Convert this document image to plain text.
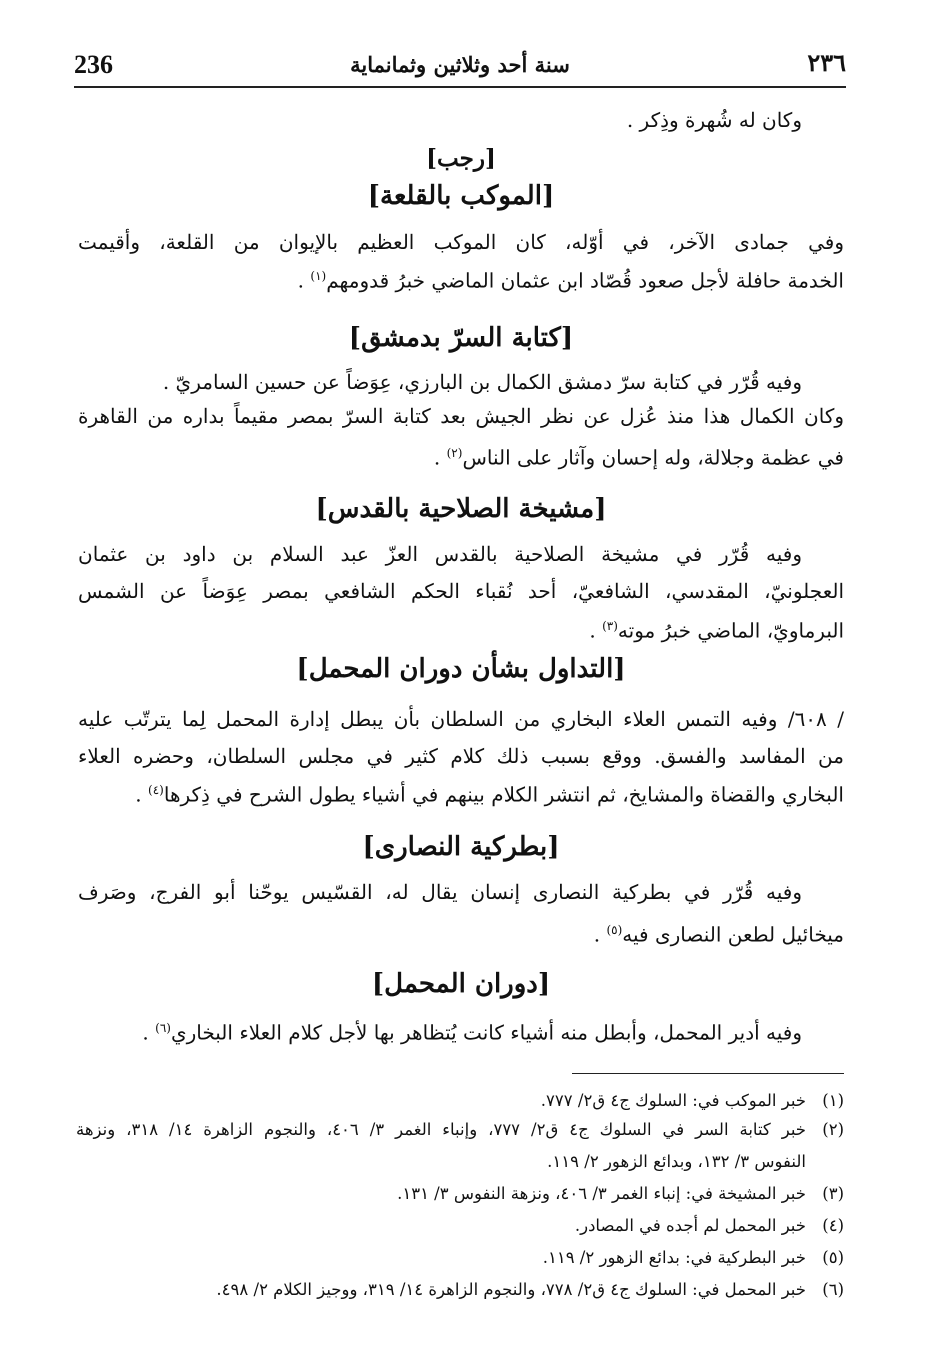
236	سنة أحد وثلاثين وثمانماية	٢٣٦
وكان له شُهرة وذِكر .
[رجب]
[الموكب بالقلعة]
وفي جمادى الآخر، في أوّله، كان الموكب العظيم بالإيوان من القلعة، وأقيمت
الخدمة حافلة لأجل صعود قُصّاد ابن عثمان الماضي خبرُ قدومهم$^{(١)}$ .
[كتابة السرّ بدمشق]
وفيه قُرّر في كتابة سرّ دمشق الكمال بن البارزي، عِوَضاً عن حسين السامريّ .
وكان الكمال هذا منذ عُزل عن نظر الجيش بعد كتابة السرّ بمصر مقيماً بداره من القاهرة
في عظمة وجلالة، وله إحسان وآثار على الناس$^{(٢)}$ .
[مشيخة الصلاحية بالقدس]
وفيه قُرّر في مشيخة الصلاحية بالقدس العزّ عبد السلام بن داود بن عثمان
العجلونيّ، المقدسي، الشافعيّ، أحد نُقباء الحكم الشافعي بمصر عِوَضاً عن الشمس
البرماويّ، الماضي خبرُ موته$^{(٣)}$ .
[التداول بشأن دوران المحمل]
/ ٦٠٨/ وفيه التمس العلاء البخاري من السلطان بأن يبطل إدارة المحمل لِما يترتّب عليه
من المفاسد والفسق. ووقع بسبب ذلك كلام كثير في مجلس السلطان، وحضره العلاء
البخاري والقضاة والمشايخ، ثم انتشر الكلام بينهم في أشياء يطول الشرح في ذِكرها$^{(٤)}$ .
[بطركية النصارى]
وفيه قُرّر في بطركية النصارى إنسان يقال له، القسّيس يوحّنا أبو الفرج، وصَرف
ميخائيل لطعن النصارى فيه$^{(٥)}$ .
[دوران المحمل]
وفيه أدير المحمل، وأبطل منه أشياء كانت يُتظاهر بها لأجل كلام العلاء البخاري$^{(٦)}$ .
(١)
خبر الموكب في: السلوك ج٤ ق٢/ ٧٧٧.
(٢)
خبر كتابة السر في السلوك ج٤ ق٢/ ٧٧٧، وإنباء الغمر ٣/ ٤٠٦، والنجوم الزاهرة ١٤/ ٣١٨، ونزهة
النفوس ٣/ ١٣٢، وبدائع الزهور ٢/ ١١٩.
(٣)
خبر المشيخة في: إنباء الغمر ٣/ ٤٠٦، ونزهة النفوس ٣/ ١٣١.
(٤)
خبر المحمل لم أجده في المصادر.
(٥)
خبر البطركية في: بدائع الزهور ٢/ ١١٩.
(٦)
خبر المحمل في: السلوك ج٤ ق٢/ ٧٧٨، والنجوم الزاهرة ١٤/ ٣١٩، ووجيز الكلام ٢/ ٤٩٨.
